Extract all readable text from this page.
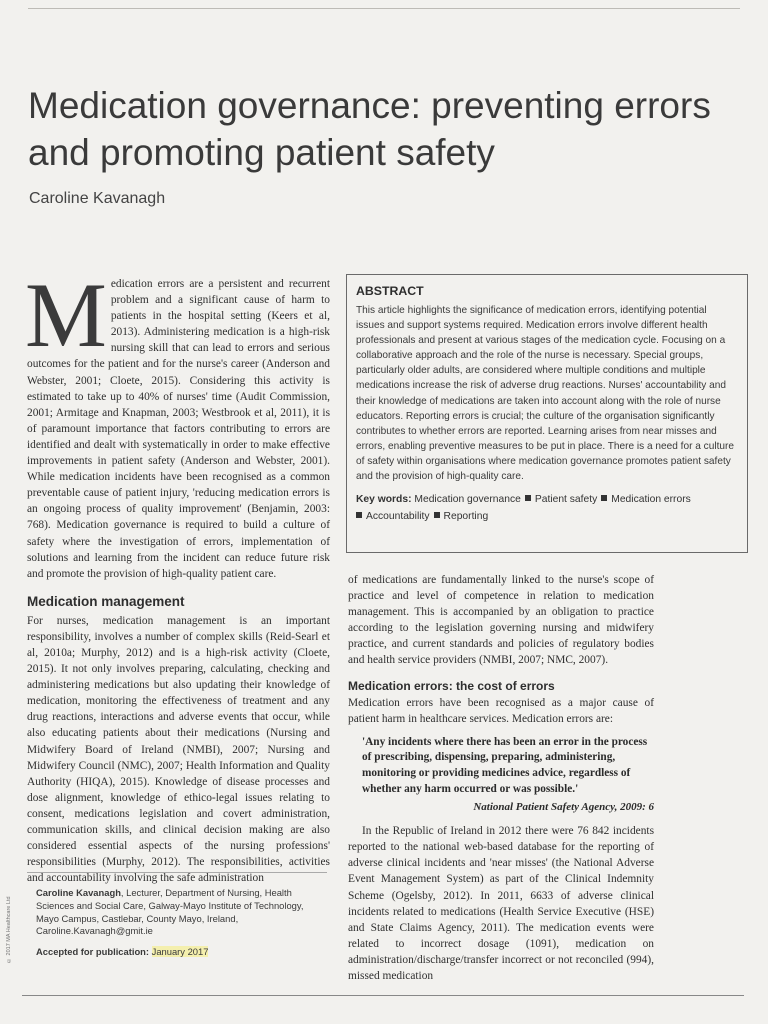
Medication governance: preventing errors and promoting patient safety
Caroline Kavanagh

Medication errors are a persistent and recurrent problem and a significant cause of harm to patients in the hospital setting (Keers et al, 2013). Administering medication is a high-risk nursing skill that can lead to errors and serious outcomes for the patient and for the nurse's career (Anderson and Webster, 2001; Cloete, 2015). Considering this activity is estimated to take up to 40% of nurses' time (Audit Commission, 2001; Armitage and Knapman, 2003; Westbrook et al, 2011), it is of paramount importance that factors contributing to errors are identified and dealt with systematically in order to make effective improvements in patient safety (Anderson and Webster, 2001). While medication incidents have been recognised as a common preventable cause of patient injury, 'reducing medication errors is an ongoing process of quality improvement' (Benjamin, 2003: 768). Medication governance is required to build a culture of safety where the investigation of errors, implementation of solutions and learning from the incident can reduce future risk and promote the provision of high-quality patient care.

Medication management

For nurses, medication management is an important responsibility, involves a number of complex skills (Reid-Searl et al, 2010a; Murphy, 2012) and is a high-risk activity (Cloete, 2015). It not only involves preparing, calculating, checking and administering medications but also updating their knowledge of medication, monitoring the effectiveness of treatment and any drug reactions, interactions and adverse events that occur, while also educating patients about their medications (Nursing and Midwifery Board of Ireland (NMBI), 2007; Nursing and Midwifery Council (NMC), 2007; Health Information and Quality Authority (HIQA), 2015). Knowledge of disease processes and dose alignment, knowledge of ethico-legal issues relating to consent, medications legislation and covert administration, communication skills, and clinical decision making are also considered essential aspects of the nursing professions' responsibilities (Murphy, 2012). The responsibilities, activities and accountability involving the safe administration

ABSTRACT

This article highlights the significance of medication errors, identifying potential issues and support systems required. Medication errors involve different health professionals and present at various stages of the medication cycle. Focusing on a collaborative approach and the role of the nurse is necessary. Special groups, particularly older adults, are considered where multiple conditions and multiple medications increase the risk of adverse drug reactions. Nurses' accountability and their knowledge of medications are taken into account along with the role of nurse educators. Reporting errors is crucial; the culture of the organisation significantly contributes to whether errors are reported. Learning arises from near misses and errors, enabling preventive measures to be put in place. There is a need for a culture of safety within organisations where medication governance promotes patient safety and the provision of high-quality care.

Key words: Medication governance Patient safety Medication errors
Accountability Reporting

of medications are fundamentally linked to the nurse's scope of practice and level of competence in relation to medication management. This is accompanied by an obligation to practice according to the legislation governing nursing and midwifery practice, and current standards and policies of regulatory bodies and health service providers (NMBI, 2007; NMC, 2007).

Medication errors: the cost of errors

Medication errors have been recognised as a major cause of patient harm in healthcare services. Medication errors are:

'Any incidents where there has been an error in the process of prescribing, dispensing, preparing, administering, monitoring or providing medicines advice, regardless of whether any harm occurred or was possible.'
National Patient Safety Agency, 2009: 6

In the Republic of Ireland in 2012 there were 76 842 incidents reported to the national web-based database for the reporting of adverse clinical incidents and 'near misses' (the National Adverse Event Management System) as part of the Clinical Indemnity Scheme (Ogelsby, 2012). In 2011, 6633 of adverse clinical incidents related to medications (Health Service Executive (HSE) and State Claims Agency, 2011). The medication events were related to incorrect dosage (1091), medication on administration/discharge/transfer incorrect or not reconciled (994), missed medication

© 2017 MA Healthcare Ltd
Caroline Kavanagh, Lecturer, Department of Nursing, Health Sciences and Social Care, Galway-Mayo Institute of Technology, Mayo Campus, Castlebar, County Mayo, Ireland,
Caroline.Kavanagh@gmit.ie
Accepted for publication: January 2017
